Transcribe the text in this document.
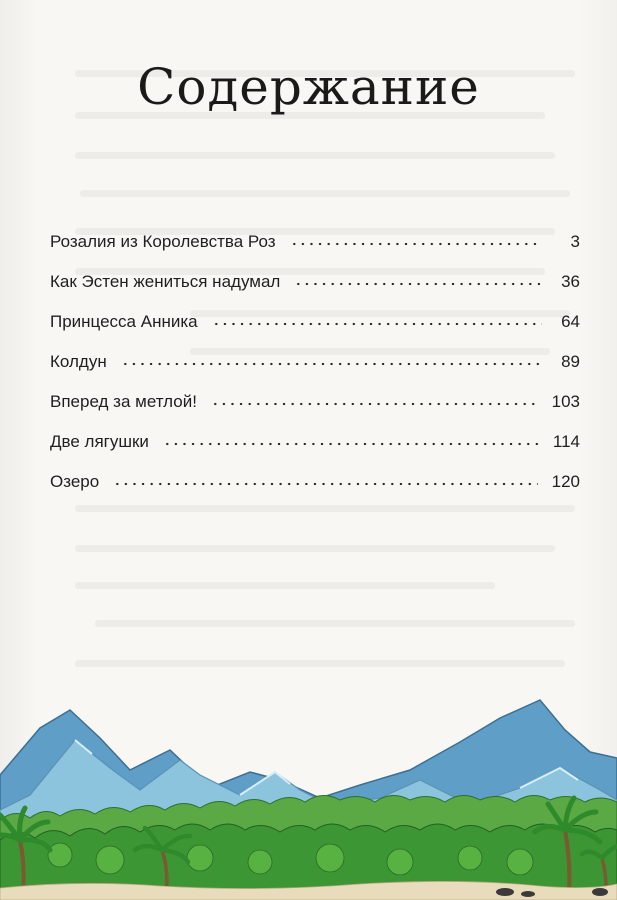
Содержание
Розалия из Королевства Роз	3
Как Эстен жениться надумал	36
Принцесса Анника	64
Колдун	89
Вперед за метлой!	103
Две лягушки	114
Озеро	120
